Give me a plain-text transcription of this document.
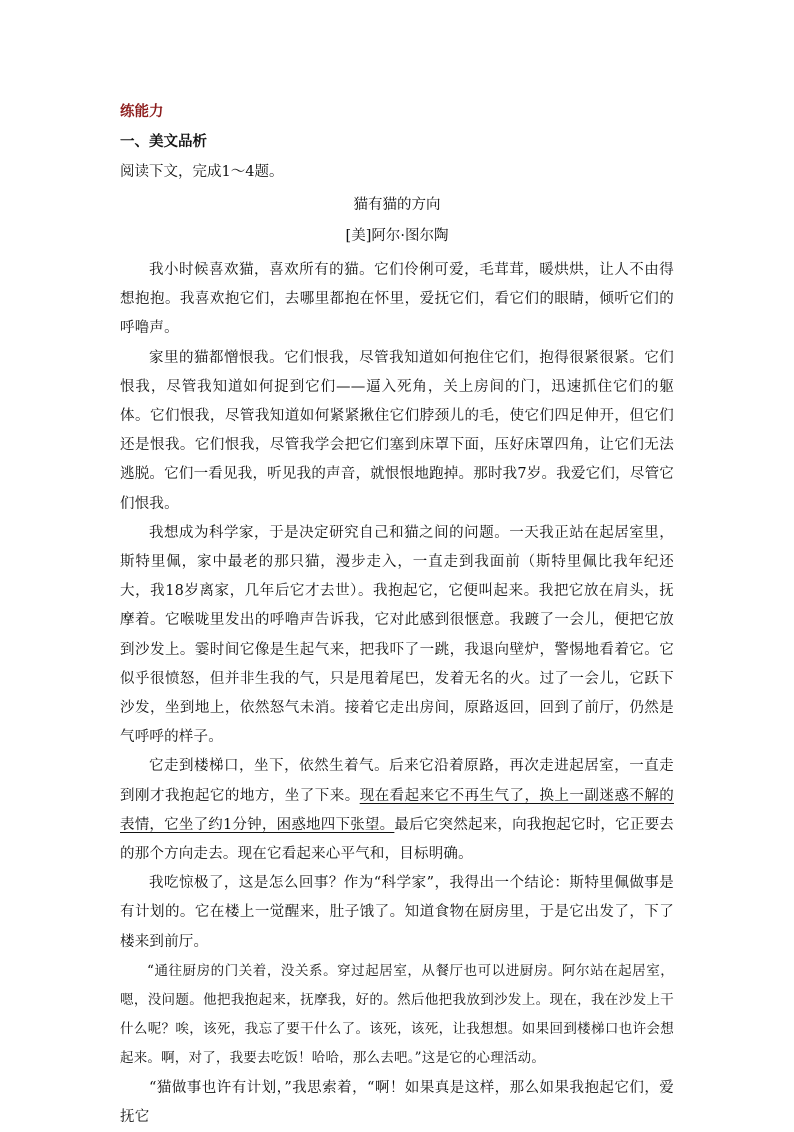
练能力
一、美文品析
阅读下文，完成1～4题。
猫有猫的方向
[美]阿尔·图尔陶

我小时候喜欢猫，喜欢所有的猫。它们伶俐可爱，毛茸茸，暖烘烘，让人不由得想抱抱。我喜欢抱它们，去哪里都抱在怀里，爱抚它们，看它们的眼睛，倾听它们的呼噜声。

家里的猫都憎恨我。它们恨我，尽管我知道如何抱住它们，抱得很紧很紧。它们恨我，尽管我知道如何捉到它们——逼入死角，关上房间的门，迅速抓住它们的躯体。它们恨我，尽管我知道如何紧紧揪住它们脖颈儿的毛，使它们四足伸开，但它们还是恨我。它们恨我，尽管我学会把它们塞到床罩下面，压好床罩四角，让它们无法逃脱。它们一看见我，听见我的声音，就恨恨地跑掉。那时我7岁。我爱它们，尽管它们恨我。

我想成为科学家，于是决定研究自己和猫之间的问题。一天我正站在起居室里，斯特里佩，家中最老的那只猫，漫步走入，一直走到我面前（斯特里佩比我年纪还大，我18岁离家，几年后它才去世）。我抱起它，它便叫起来。我把它放在肩头，抚摩着。它喉咙里发出的呼噜声告诉我，它对此感到很惬意。我踱了一会儿，便把它放到沙发上。霎时间它像是生起气来，把我吓了一跳，我退向壁炉，警惕地看着它。它似乎很愤怒，但并非生我的气，只是甩着尾巴，发着无名的火。过了一会儿，它跃下沙发，坐到地上，依然怒气未消。接着它走出房间，原路返回，回到了前厅，仍然是气呼呼的样子。

它走到楼梯口，坐下，依然生着气。后来它沿着原路，再次走进起居室，一直走到刚才我抱起它的地方，坐了下来。现在看起来它不再生气了，换上一副迷惑不解的表情，它坐了约1分钟，困惑地四下张望。最后它突然起来，向我抱起它时，它正要去的那个方向走去。现在它看起来心平气和，目标明确。

我吃惊极了，这是怎么回事？作为“科学家”，我得出一个结论：斯特里佩做事是有计划的。它在楼上一觉醒来，肚子饿了。知道食物在厨房里，于是它出发了，下了楼来到前厅。

“通往厨房的门关着，没关系。穿过起居室，从餐厅也可以进厨房。阿尔站在起居室，嗯，没问题。他把我抱起来，抚摩我，好的。然后他把我放到沙发上。现在，我在沙发上干什么呢？唉，该死，我忘了要干什么了。该死，该死，让我想想。如果回到楼梯口也许会想起来。啊，对了，我要去吃饭！哈哈，那么去吧。”这是它的心理活动。

“猫做事也许有计划，”我思索着，“啊！如果真是这样，那么如果我抱起它们，爱抚它
